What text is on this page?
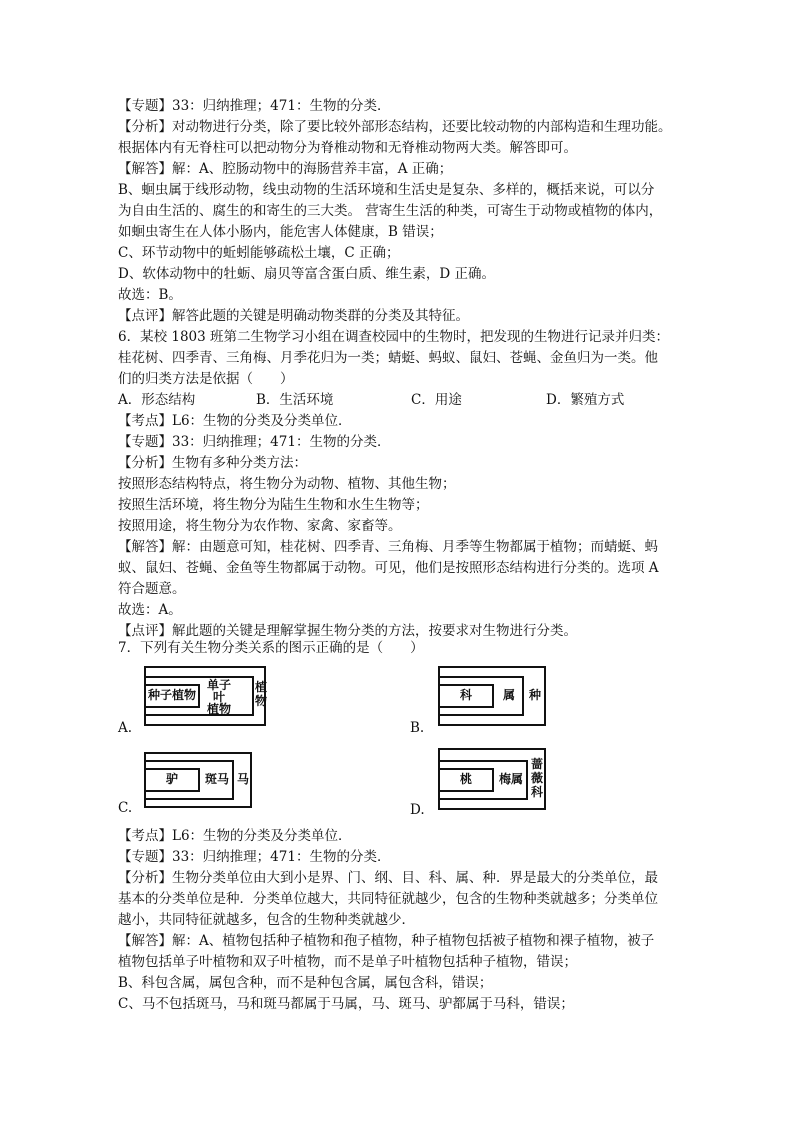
【专题】33：归纳推理；471：生物的分类．
【分析】对动物进行分类，除了要比较外部形态结构，还要比较动物的内部构造和生理功能。
根据体内有无脊柱可以把动物分为脊椎动物和无脊椎动物两大类。解答即可。
【解答】解：A、腔肠动物中的海肠营养丰富，A 正确；
B、蛔虫属于线形动物，线虫动物的生活环境和生活史是复杂、多样的，概括来说，可以分
为自由生活的、腐生的和寄生的三大类。 营寄生生活的种类，可寄生于动物或植物的体内，
如蛔虫寄生在人体小肠内，能危害人体健康，B 错误；
C、环节动物中的蚯蚓能够疏松土壤，C 正确；
D、软体动物中的牡蛎、扇贝等富含蛋白质、维生素，D 正确。
故选：B。
【点评】解答此题的关键是明确动物类群的分类及其特征。
6．某校 1803 班第二生物学习小组在调查校园中的生物时，把发现的生物进行记录并归类：
桂花树、四季青、三角梅、月季花归为一类；蜻蜓、蚂蚁、鼠妇、苍蝇、金鱼归为一类。他
们的归类方法是依据（　　）
A．形态结构	B．生活环境	C．用途	D．繁殖方式
【考点】L6：生物的分类及分类单位．
【专题】33：归纳推理；471：生物的分类．
【分析】生物有多种分类方法：
按照形态结构特点，将生物分为动物、植物、其他生物；
按照生活环境，将生物分为陆生生物和水生生物等；
按照用途，将生物分为农作物、家禽、家畜等。
【解答】解：由题意可知，桂花树、四季青、三角梅、月季等生物都属于植物；而蜻蜓、蚂
蚁、鼠妇、苍蝇、金鱼等生物都属于动物。可见，他们是按照形态结构进行分类的。选项 A
符合题意。
故选：A。
【点评】解此题的关键是理解掌握生物分类的方法，按要求对生物进行分类。
7．下列有关生物分类关系的图示正确的是（　　）
种子植物
单子
叶
植物
植
物
A.
科	属	种
B.
驴	斑马 马
C.
桃	梅属
蔷
薇
科
D.
【考点】L6：生物的分类及分类单位．
【专题】33：归纳推理；471：生物的分类．
【分析】生物分类单位由大到小是界、门、纲、目、科、属、种．界是最大的分类单位，最
基本的分类单位是种．分类单位越大，共同特征就越少，包含的生物种类就越多；分类单位
越小，共同特征就越多，包含的生物种类就越少．
【解答】解：A、植物包括种子植物和孢子植物，种子植物包括被子植物和裸子植物，被子
植物包括单子叶植物和双子叶植物，而不是单子叶植物包括种子植物，错误；
B、科包含属，属包含种，而不是种包含属，属包含科，错误；
C、马不包括斑马，马和斑马都属于马属，马、斑马、驴都属于马科，错误；
